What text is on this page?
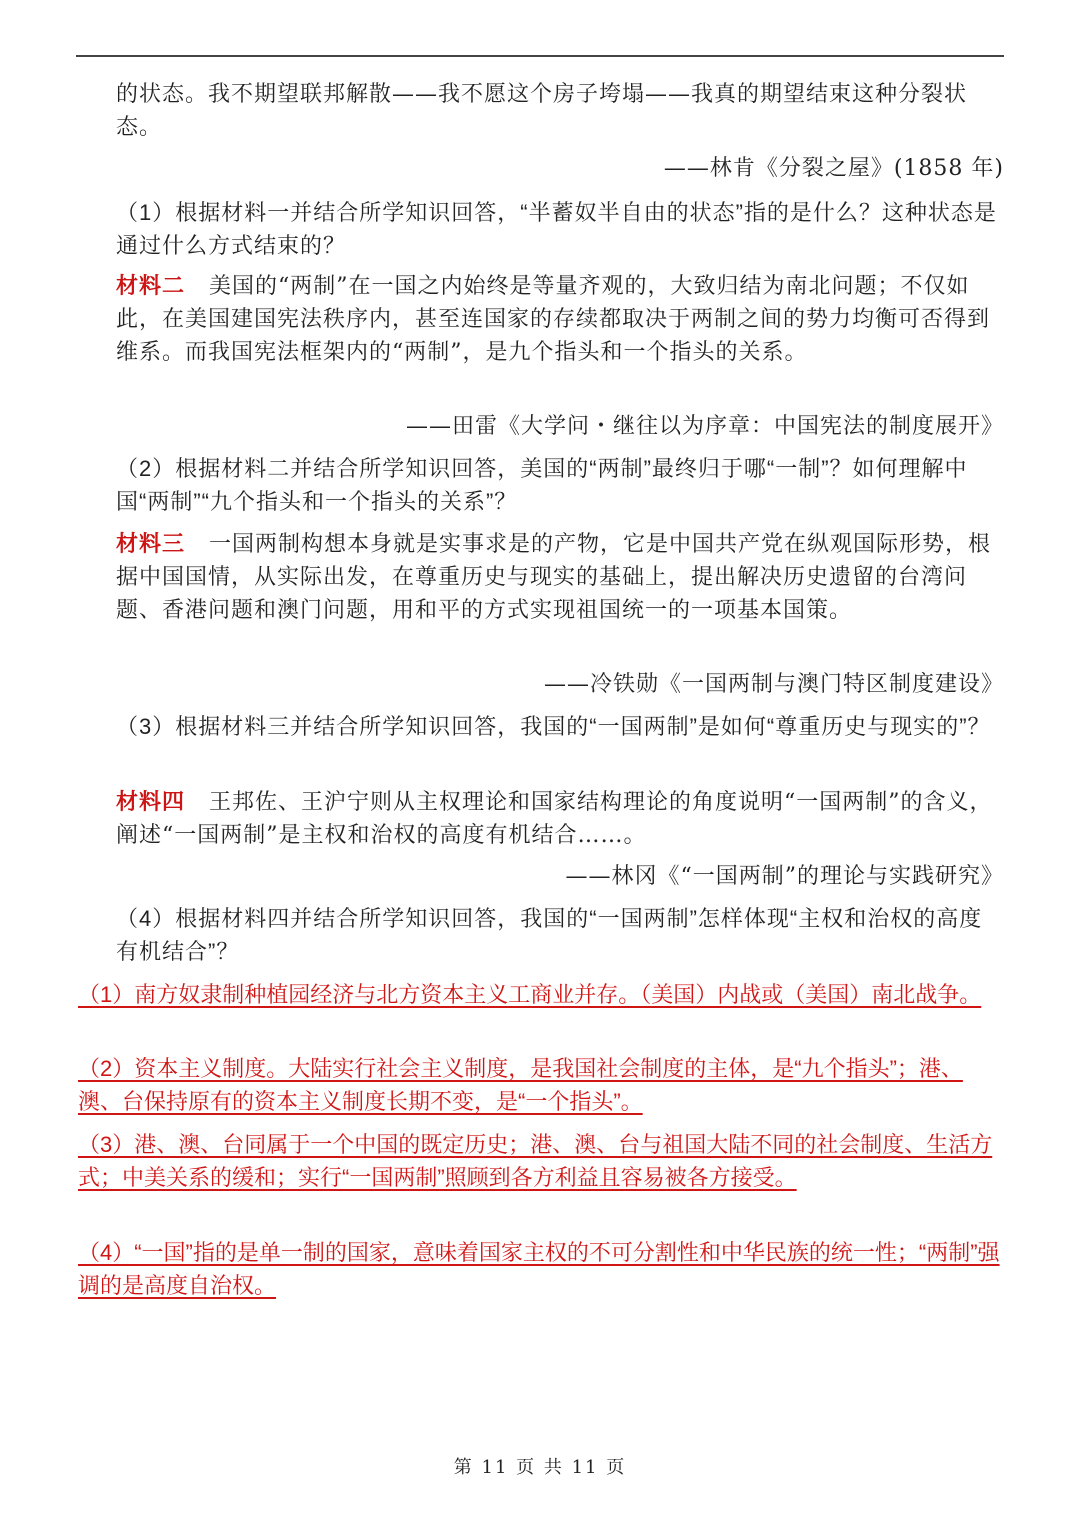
的状态。我不期望联邦解散——我不愿这个房子垮塌——我真的期望结束这种分裂状态。
——林肯《分裂之屋》(1858 年)
（1）根据材料一并结合所学知识回答，“半蓄奴半自由的状态”指的是什么？这种状态是通过什么方式结束的？
材料二 美国的“两制”在一国之内始终是等量齐观的，大致归结为南北问题；不仅如此，在美国建国宪法秩序内，甚至连国家的存续都取决于两制之间的势力均衡可否得到维系。而我国宪法框架内的“两制”，是九个指头和一个指头的关系。
——田雷《大学问・继往以为序章：中国宪法的制度展开》
（2）根据材料二并结合所学知识回答，美国的“两制”最终归于哪“一制”？如何理解中国“两制”“九个指头和一个指头的关系”？
材料三 一国两制构想本身就是实事求是的产物，它是中国共产党在纵观国际形势，根据中国国情，从实际出发，在尊重历史与现实的基础上，提出解决历史遗留的台湾问题、香港问题和澳门问题，用和平的方式实现祖国统一的一项基本国策。
——冷铁勋《一国两制与澳门特区制度建设》
（3）根据材料三并结合所学知识回答，我国的“一国两制”是如何“尊重历史与现实的”？
材料四 王邦佐、王沪宁则从主权理论和国家结构理论的角度说明“一国两制”的含义，阐述“一国两制”是主权和治权的高度有机结合……。
——林冈《“一国两制”的理论与实践研究》
（4）根据材料四并结合所学知识回答，我国的“一国两制”怎样体现“主权和治权的高度有机结合”？
（1）南方奴隶制种植园经济与北方资本主义工商业并存。（美国）内战或（美国）南北战争。
（2）资本主义制度。大陆实行社会主义制度，是我国社会制度的主体，是“九个指头”；港、澳、台保持原有的资本主义制度长期不变，是“一个指头”。
（3）港、澳、台同属于一个中国的既定历史；港、澳、台与祖国大陆不同的社会制度、生活方式；中美关系的缓和；实行“一国两制”照顾到各方利益且容易被各方接受。
（4）“一国”指的是单一制的国家，意味着国家主权的不可分割性和中华民族的统一性；“两制”强调的是高度自治权。
第 11 页 共 11 页
